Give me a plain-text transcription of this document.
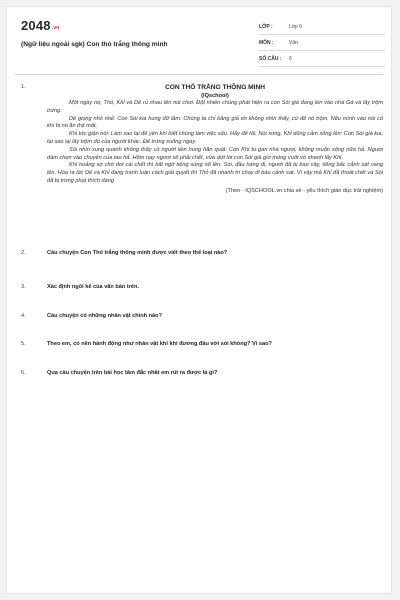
2048.vn
(Ngữ liệu ngoài sgk) Con thỏ trắng thông minh
LỚP :	Lớp 6
MÔN :	Văn
SỐ CÂU :	6
1.	CON THỎ TRẮNG THÔNG MINH
(IQschool)

Một ngày nọ, Thỏ, Khỉ và Dê rủ nhau lên núi chơi. Đột nhiên chúng phát hiện ra con Sói già đang lén vào nhà Gà và lấy trộm trứng.

Dê giọng nhỏ nhẻ: Con Sói kia hung dữ lắm. Chúng ta chỉ bằng giả vờ không nhìn thấy, cứ để nó trộm. Nếu mình vào nói có khi bị nó ăn thịt mất.

Khỉ tức giận nói: Làm sao lại để yên khi biết chúng làm việc xấu. Hãy để tôi. Nói xong, Khỉ dũng cảm xông lên: Con Sói già kia, tại sao lại lấy trộm đồ của người khác. Để trứng xuống ngay.

Sói nhìn xung quanh không thấy có người liền hung hăn quát: Con Khỉ to gan nhà ngươi, không muốn sống nữa hả. Ngươi dám chen vào chuyện của tao hả. Hôm nay ngươi sẽ phải chết, vừa dứt lời con Sói già giơ móng vuốt vồ nhanh lấy Khỉ.

Khỉ hoảng sợ chờ đợi cái chết thì bất ngờ tiếng súng nổ lên. Sói, đầu hàng đi, ngươi đã bị bao vây, tiếng bắc cảnh sát vang lên. Hóa ra lúc Dê và Khỉ đang tranh luận cách giải quyết thì Thỏ đã nhanh trí chạy đi báo cảnh sát. Vì vậy mà Khỉ đã thoát chết và Sói đã bị trừng phạt thích đáng

(Theo - IQSCHOOL.vn chia sẻ - yêu thích giáo dục trải nghiệm)
2.	Câu chuyện Con Thỏ trắng thông minh được viết theo thể loại nào?
3.	Xác định ngôi kể của văn bản trên.
4.	Câu chuyện có những nhân vật chính nào?
5.	Theo em, có nên hành động như nhân vật khỉ khi đương đầu với sói không? Vì sao?
6.	Qua câu chuyện trên bài học tâm đắc nhất em rút ra được là gì?
